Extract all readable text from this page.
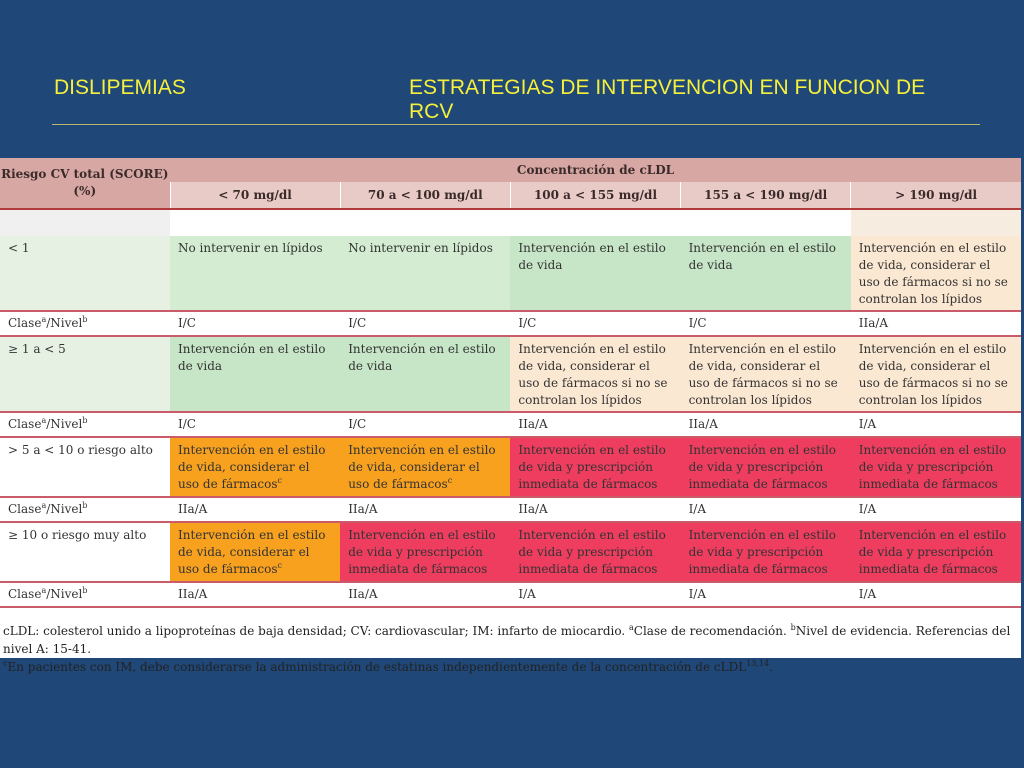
DISLIPEMIAS	ESTRATEGIAS DE INTERVENCION EN FUNCION DE RCV
Riesgo CV total (SCORE) (%)	Concentración de cLDL				
	< 70 mg/dl	70 a < 100 mg/dl	100 a < 155 mg/dl	155 a < 190 mg/dl	> 190 mg/dl

< 1	No intervenir en lípidos	No intervenir en lípidos	Intervención en el estilo de vida	Intervención en el estilo de vida	Intervención en el estilo de vida, considerar el uso de fármacos si no se controlan los lípidos
Clase$^a$/Nivel$^b$	I/C	I/C	I/C	I/C	IIa/A
≥ 1 a < 5	Intervención en el estilo de vida	Intervención en el estilo de vida	Intervención en el estilo de vida, considerar el uso de fármacos si no se controlan los lípidos	Intervención en el estilo de vida, considerar el uso de fármacos si no se controlan los lípidos	Intervención en el estilo de vida, considerar el uso de fármacos si no se controlan los lípidos
Clase$^a$/Nivel$^b$	I/C	I/C	IIa/A	IIa/A	I/A
> 5 a < 10 o riesgo alto	Intervención en el estilo de vida, considerar el uso de fármacos$^c$	Intervención en el estilo de vida, considerar el uso de fármacos$^c$	Intervención en el estilo de vida y prescripción inmediata de fármacos	Intervención en el estilo de vida y prescripción inmediata de fármacos	Intervención en el estilo de vida y prescripción inmediata de fármacos
Clase$^a$/Nivel$^b$	IIa/A	IIa/A	IIa/A	I/A	I/A
≥ 10 o riesgo muy alto	Intervención en el estilo de vida, considerar el uso de fármacos$^c$	Intervención en el estilo de vida y prescripción inmediata de fármacos	Intervención en el estilo de vida y prescripción inmediata de fármacos	Intervención en el estilo de vida y prescripción inmediata de fármacos	Intervención en el estilo de vida y prescripción inmediata de fármacos
Clase$^a$/Nivel$^b$	IIa/A	IIa/A	I/A	I/A	I/A
cLDL: colesterol unido a lipoproteínas de baja densidad; CV: cardiovascular; IM: infarto de miocardio. $^a$Clase de recomendación. $^b$Nivel de evidencia. Referencias del nivel A: 15-41.
$^c$En pacientes con IM, debe considerarse la administración de estatinas independientemente de la concentración de cLDL$^{13,14}$.
